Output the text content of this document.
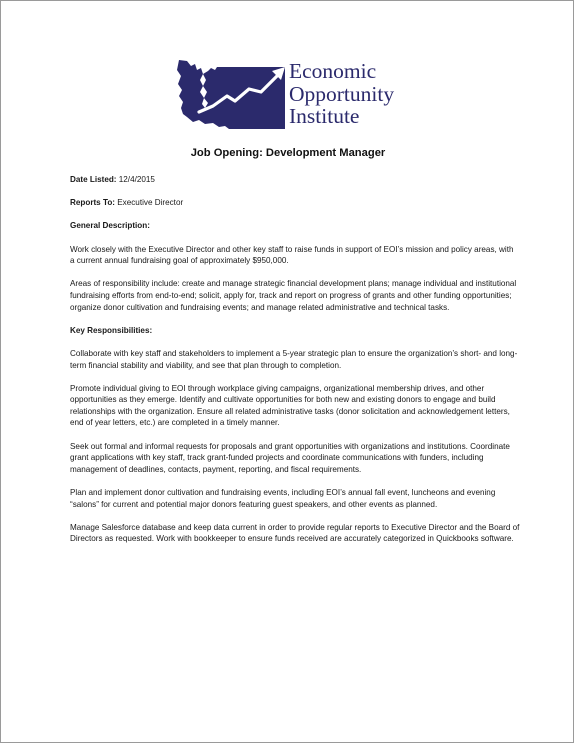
Economic
Opportunity
Institute
Job Opening: Development Manager

Date Listed: 12/4/2015

Reports To: Executive Director

General Description:

Work closely with the Executive Director and other key staff to raise funds in support of EOI’s mission and policy areas, with a current annual fundraising goal of approximately $950,000.

Areas of responsibility include: create and manage strategic financial development plans; manage individual and institutional fundraising efforts from end-to-end; solicit, apply for, track and report on progress of grants and other funding opportunities; organize donor cultivation and fundraising events; and manage related administrative and technical tasks.

Key Responsibilities:

Collaborate with key staff and stakeholders to implement a 5-year strategic plan to ensure the organization’s short- and long-term financial stability and viability, and see that plan through to completion.

Promote individual giving to EOI through workplace giving campaigns, organizational membership drives, and other opportunities as they emerge. Identify and cultivate opportunities for both new and existing donors to engage and build relationships with the organization. Ensure all related administrative tasks (donor solicitation and acknowledgement letters, end of year letters, etc.) are completed in a timely manner.

Seek out formal and informal requests for proposals and grant opportunities with organizations and institutions. Coordinate grant applications with key staff, track grant-funded projects and coordinate communications with funders, including management of deadlines, contacts, payment, reporting, and fiscal requirements.

Plan and implement donor cultivation and fundraising events, including EOI’s annual fall event, luncheons and evening “salons” for current and potential major donors featuring guest speakers, and other events as planned.

Manage Salesforce database and keep data current in order to provide regular reports to Executive Director and the Board of Directors as requested. Work with bookkeeper to ensure funds received are accurately categorized in Quickbooks software.
